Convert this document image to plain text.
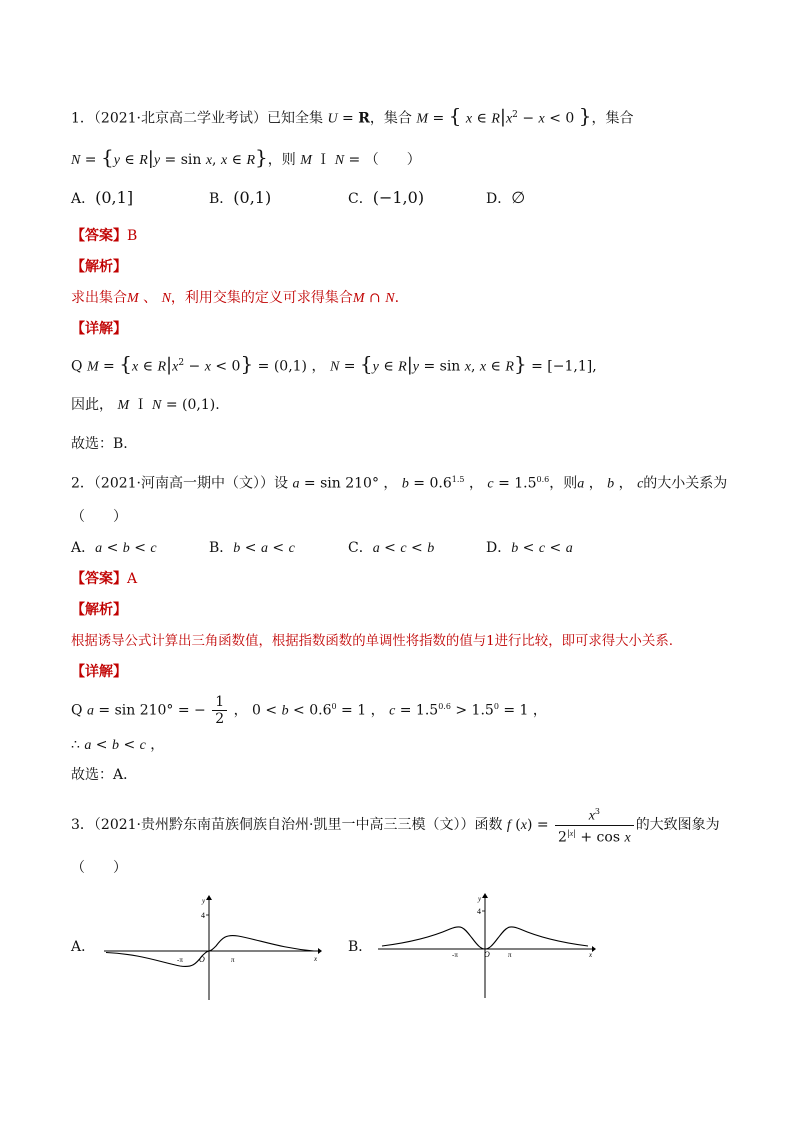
1．（2021·北京高二学业考试）已知全集 U = R，集合 M = { x ∈ $R|x^2 - x < 0$ }，集合
N = {y ∈ R|y = sin x, x ∈ R}，则 M Ｉ N = （　　）
A．(0,1]	B．(0,1)	C．(−1,0)	D．∅
【答案】B
【解析】
求出集合M 、 N，利用交集的定义可求得集合M ∩ N.
【详解】
Q M = {x ∈ $R|x^2 - x < 0\} = (0,1)$ ， N = {y ∈ R|y = sin x, x ∈ R} = [−1,1],
因此， M Ｉ N = (0,1).
故选：B.
2．（2021·河南高一期中（文））设 a = sin 210° ， $b = 0.6^{1.5}$ ， $c = 1.5^{0.6}$，则a ， b ， c的大小关系为
（　　）
A．a < b < c	B．b < a < c	C．a < c < b	D．b < c < a
【答案】A
【解析】
根据诱导公式计算出三角函数值，根据指数函数的单调性将指数的值与1进行比较，即可求得大小关系.
【详解】
Q a = sin 210° = − $\frac{1}{2}$ ， $0 < b < 0.6^0 = 1$ ， $c = 1.5^{0.6} > 1.5^0 = 1$ ，
∴ a < b < c ，
故选：A．
3．（2021·贵州黔东南苗族侗族自治州·凯里一中高三三模（文））函数 f $(x) = \frac{x^3}{2^{|x|} + \cos x}$ 的大致图象为
（　　）
A．
y
4
O	x
-π	π
B．
y
4
O	x
-π	π
